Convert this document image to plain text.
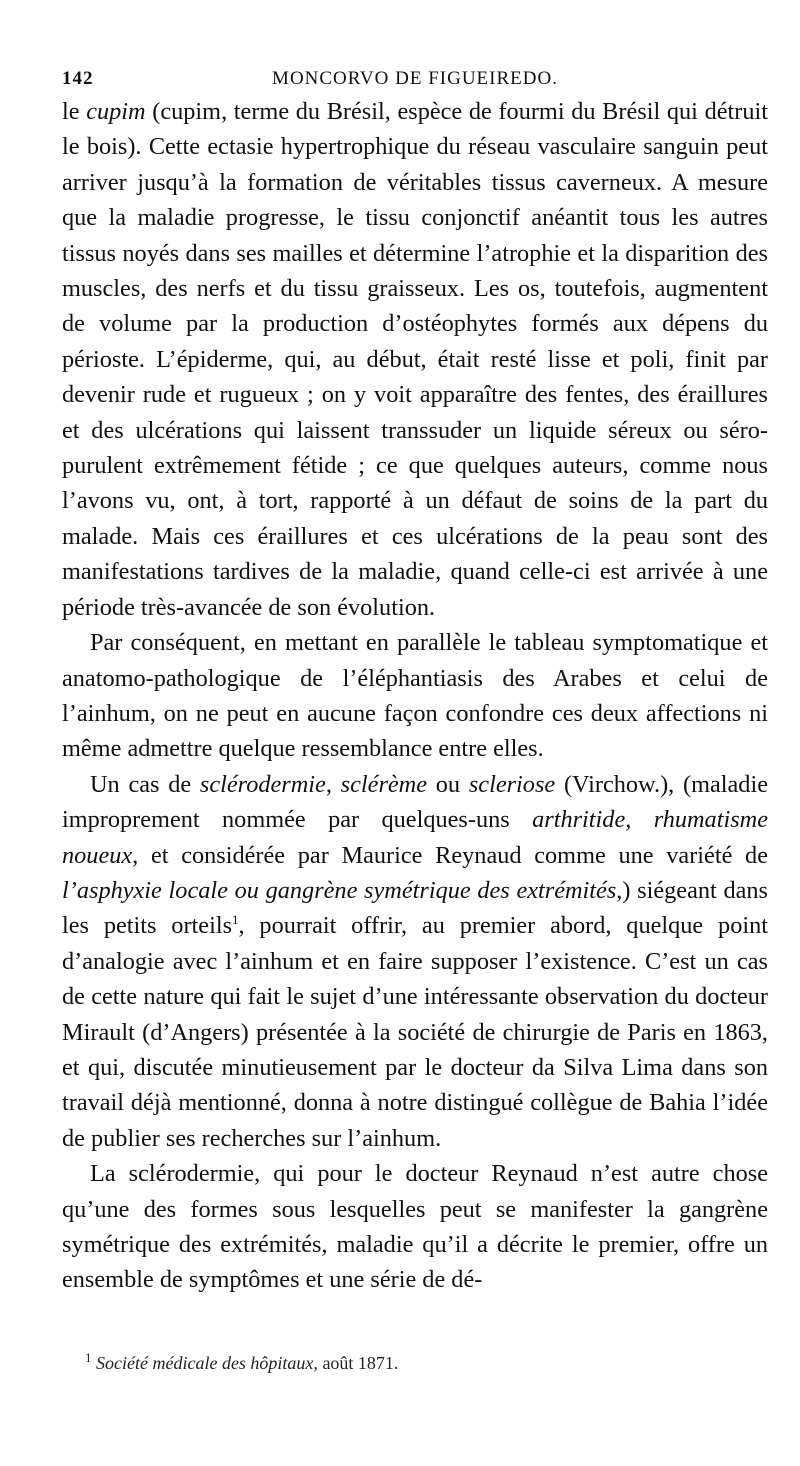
142	MONCORVO DE FIGUEIREDO.

le cupim (cupim, terme du Brésil, espèce de fourmi du Brésil qui détruit le bois). Cette ectasie hypertrophique du réseau vasculaire sanguin peut arriver jusqu’à la formation de véritables tissus caverneux. A mesure que la maladie progresse, le tissu conjonctif anéantit tous les autres tissus noyés dans ses mailles et détermine l’atrophie et la disparition des muscles, des nerfs et du tissu graisseux. Les os, toutefois, augmentent de volume par la production d’ostéophytes formés aux dépens du périoste. L’épiderme, qui, au début, était resté lisse et poli, finit par devenir rude et rugueux ; on y voit apparaître des fentes, des éraillures et des ulcérations qui laissent transsuder un liquide séreux ou séro-purulent extrêmement fétide ; ce que quelques auteurs, comme nous l’avons vu, ont, à tort, rapporté à un défaut de soins de la part du malade. Mais ces éraillures et ces ulcérations de la peau sont des manifestations tardives de la maladie, quand celle-ci est arrivée à une période très-avancée de son évolution.

Par conséquent, en mettant en parallèle le tableau symptomatique et anatomo-pathologique de l’éléphantiasis des Arabes et celui de l’ainhum, on ne peut en aucune façon confondre ces deux affections ni même admettre quelque ressemblance entre elles.

Un cas de sclérodermie, sclérème ou scleriose (Virchow.), (maladie improprement nommée par quelques-uns arthritide, rhumatisme noueux, et considérée par Maurice Reynaud comme une variété de l’asphyxie locale ou gangrène symétrique des extrémités,) siégeant dans les petits orteils$^1$, pourrait offrir, au premier abord, quelque point d’analogie avec l’ainhum et en faire supposer l’existence. C’est un cas de cette nature qui fait le sujet d’une intéressante observation du docteur Mirault (d’Angers) présentée à la société de chirurgie de Paris en 1863, et qui, discutée minutieusement par le docteur da Silva Lima dans son travail déjà mentionné, donna à notre distingué collègue de Bahia l’idée de publier ses recherches sur l’ainhum.

La sclérodermie, qui pour le docteur Reynaud n’est autre chose qu’une des formes sous lesquelles peut se manifester la gangrène symétrique des extrémités, maladie qu’il a décrite le premier, offre un ensemble de symptômes et une série de dé-

$^1$ Société médicale des hôpitaux, août 1871.
